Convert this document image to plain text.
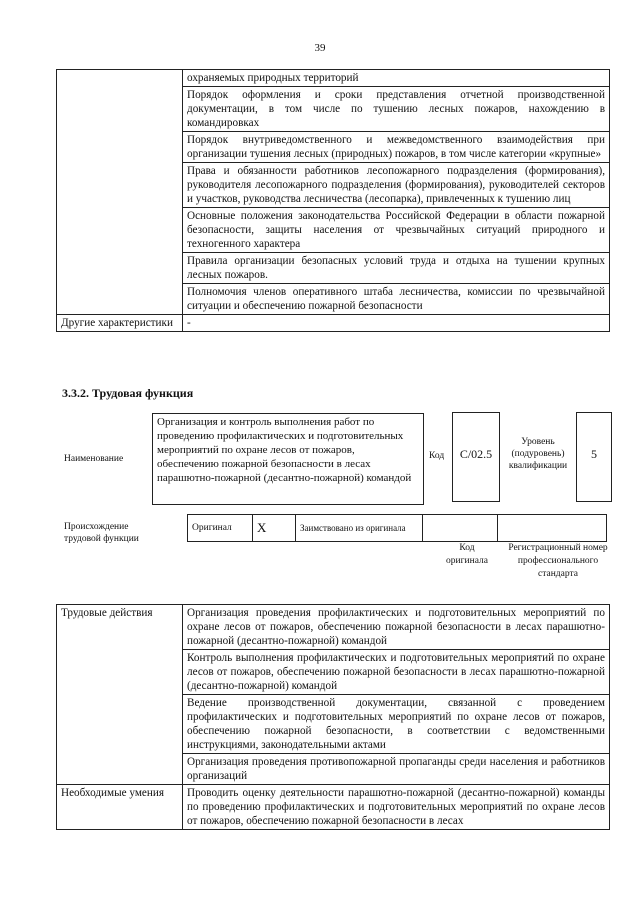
39
	охраняемых природных территорий
	Порядок оформления и сроки представления отчетной производственной документации, в том числе по тушению лесных пожаров, нахождению в командировках
	Порядок внутриведомственного и межведомственного взаимодействия при организации тушения лесных (природных) пожаров, в том числе категории «крупные»
	Права и обязанности работников лесопожарного подразделения (формирования), руководителя лесопожарного подразделения (формирования), руководителей секторов и участков, руководства лесничества (лесопарка), привлеченных к тушению лиц
	Основные положения законодательства Российской Федерации в области пожарной безопасности, защиты населения от чрезвычайных ситуаций природного и техногенного характера
	Правила организации безопасных условий труда и отдыха на тушении крупных лесных пожаров.
	Полномочия членов оперативного штаба лесничества, комиссии по чрезвычайной ситуации и обеспечению пожарной безопасности
Другие характеристики	-
3.3.2. Трудовая функция
Наименование
Организация и контроль выполнения работ по проведению профилактических и подготовительных мероприятий по охране лесов от пожаров, обеспечению пожарной безопасности в лесах парашютно-пожарной (десантно-пожарной) командой
Код	C/02.5
Уровень (подуровень) квалификации
5
Происхождение трудовой функции
Оригинал	X	Заимствовано из оригинала		
Код оригинала
Регистрационный номер профессионального стандарта
Трудовые действия	Организация проведения профилактических и подготовительных мероприятий по охране лесов от пожаров, обеспечению пожарной безопасности в лесах парашютно-пожарной (десантно-пожарной) командой
	Контроль выполнения профилактических и подготовительных мероприятий по охране лесов от пожаров, обеспечению пожарной безопасности в лесах парашютно-пожарной (десантно-пожарной) командой
	Ведение производственной документации, связанной с проведением профилактических и подготовительных мероприятий по охране лесов от пожаров, обеспечению пожарной безопасности, в соответствии с ведомственными инструкциями, законодательными актами
	Организация проведения противопожарной пропаганды среди населения и работников организаций
Необходимые умения	Проводить оценку деятельности парашютно-пожарной (десантно-пожарной) команды по проведению профилактических и подготовительных мероприятий по охране лесов от пожаров, обеспечению пожарной безопасности в лесах
